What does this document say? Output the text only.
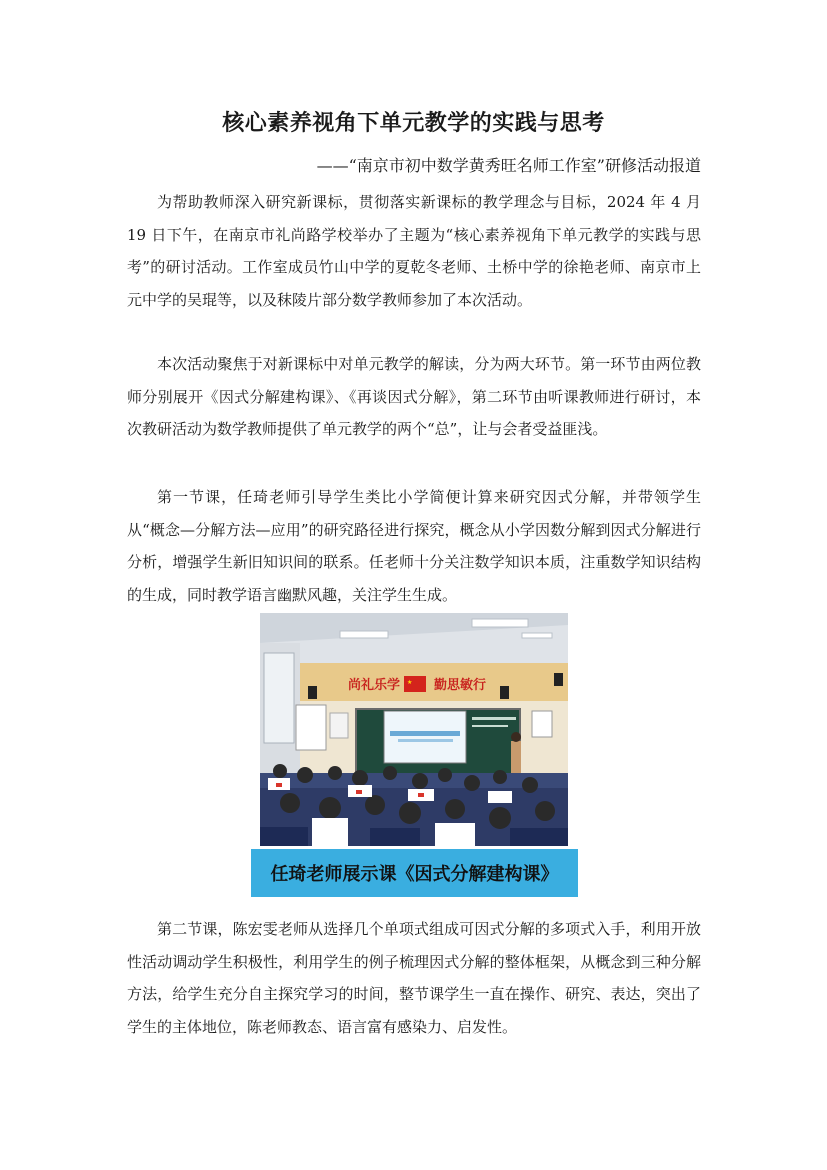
核心素养视角下单元教学的实践与思考
——“南京市初中数学黄秀旺名师工作室”研修活动报道

为帮助教师深入研究新课标，贯彻落实新课标的教学理念与目标，2024 年 4 月 19 日下午，在南京市礼尚路学校举办了主题为“核心素养视角下单元教学的实践与思考”的研讨活动。工作室成员竹山中学的夏乾冬老师、土桥中学的徐艳老师、南京市上元中学的吴琨等，以及秣陵片部分数学教师参加了本次活动。

本次活动聚焦于对新课标中对单元教学的解读，分为两大环节。第一环节由两位教师分别展开《因式分解建构课》、《再谈因式分解》，第二环节由听课教师进行研讨，本次教研活动为数学教师提供了单元教学的两个“总”，让与会者受益匪浅。

第一节课，任琦老师引导学生类比小学简便计算来研究因式分解，并带领学生从“概念—分解方法—应用”的研究路径进行探究，概念从小学因数分解到因式分解进行分析，增强学生新旧知识间的联系。任老师十分关注数学知识本质，注重数学知识结构的生成，同时教学语言幽默风趣，关注学生生成。

尚礼乐学 ★ 勤思敏行
任琦老师展示课《因式分解建构课》

第二节课，陈宏雯老师从选择几个单项式组成可因式分解的多项式入手，利用开放性活动调动学生积极性，利用学生的例子梳理因式分解的整体框架，从概念到三种分解方法，给学生充分自主探究学习的时间，整节课学生一直在操作、研究、表达，突出了学生的主体地位，陈老师教态、语言富有感染力、启发性。
